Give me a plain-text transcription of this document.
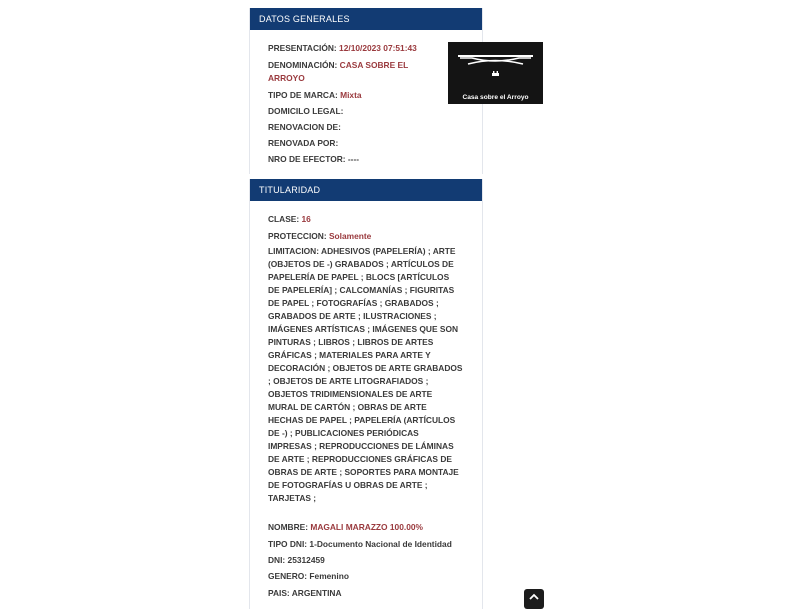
DATOS GENERALES
PRESENTACIÓN: 12/10/2023 07:51:43
DENOMINACIÓN: CASA SOBRE EL ARROYO
TIPO DE MARCA: Mixta
DOMICILO LEGAL:
RENOVACION DE:
RENOVADA POR:
NRO DE EFECTOR: ----
Casa sobre el Arroyo
TITULARIDAD
CLASE: 16
PROTECCION: Solamente
LIMITACION: ADHESIVOS (PAPELERÍA) ; ARTE (OBJETOS DE -) GRABADOS ; ARTÍCULOS DE PAPELERÍA DE PAPEL ; BLOCS [ARTÍCULOS DE PAPELERÍA] ; CALCOMANÍAS ; FIGURITAS DE PAPEL ; FOTOGRAFÍAS ; GRABADOS ; GRABADOS DE ARTE ; ILUSTRACIONES ; IMÁGENES ARTÍSTICAS ; IMÁGENES QUE SON PINTURAS ; LIBROS ; LIBROS DE ARTES GRÁFICAS ; MATERIALES PARA ARTE Y DECORACIÓN ; OBJETOS DE ARTE GRABADOS ; OBJETOS DE ARTE LITOGRAFIADOS ; OBJETOS TRIDIMENSIONALES DE ARTE MURAL DE CARTÓN ; OBRAS DE ARTE HECHAS DE PAPEL ; PAPELERÍA (ARTÍCULOS DE -) ; PUBLICACIONES PERIÓDICAS IMPRESAS ; REPRODUCCIONES DE LÁMINAS DE ARTE ; REPRODUCCIONES GRÁFICAS DE OBRAS DE ARTE ; SOPORTES PARA MONTAJE DE FOTOGRAFÍAS U OBRAS DE ARTE ; TARJETAS ;
NOMBRE: MAGALI MARAZZO 100.00%
TIPO DNI: 1-Documento Nacional de Identidad
DNI: 25312459
GENERO: Femenino
PAIS: ARGENTINA
